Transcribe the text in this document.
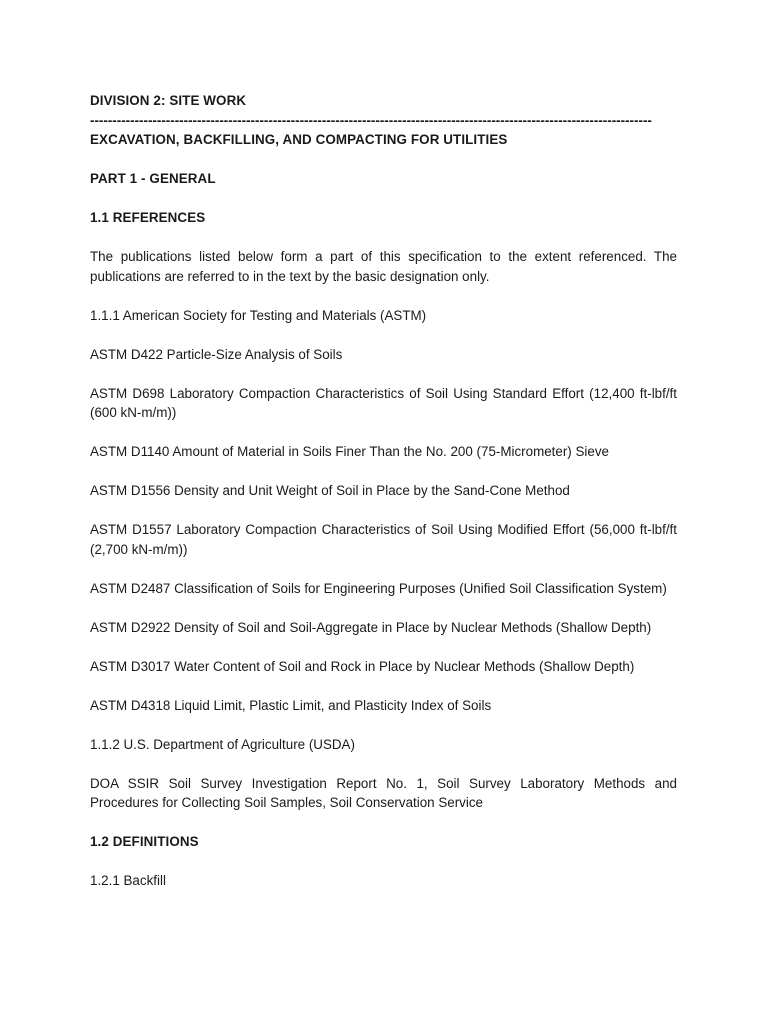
DIVISION 2: SITE WORK

------------------------------------------------------------------------------------------------------------------------------

EXCAVATION, BACKFILLING, AND COMPACTING FOR UTILITIES

PART 1 - GENERAL

1.1 REFERENCES

The publications listed below form a part of this specification to the extent referenced. The publications are referred to in the text by the basic designation only.

1.1.1 American Society for Testing and Materials (ASTM)

ASTM D422 Particle-Size Analysis of Soils

ASTM D698 Laboratory Compaction Characteristics of Soil Using Standard Effort (12,400 ft-lbf/ft (600 kN-m/m))

ASTM D1140 Amount of Material in Soils Finer Than the No. 200 (75-Micrometer) Sieve

ASTM D1556 Density and Unit Weight of Soil in Place by the Sand-Cone Method

ASTM D1557 Laboratory Compaction Characteristics of Soil Using Modified Effort (56,000 ft-lbf/ft (2,700 kN-m/m))

ASTM D2487 Classification of Soils for Engineering Purposes (Unified Soil Classification System)

ASTM D2922 Density of Soil and Soil-Aggregate in Place by Nuclear Methods (Shallow Depth)

ASTM D3017 Water Content of Soil and Rock in Place by Nuclear Methods (Shallow Depth)

ASTM D4318 Liquid Limit, Plastic Limit, and Plasticity Index of Soils

1.1.2 U.S. Department of Agriculture (USDA)

DOA SSIR Soil Survey Investigation Report No. 1, Soil Survey Laboratory Methods and Procedures for Collecting Soil Samples, Soil Conservation Service

1.2 DEFINITIONS

1.2.1 Backfill
